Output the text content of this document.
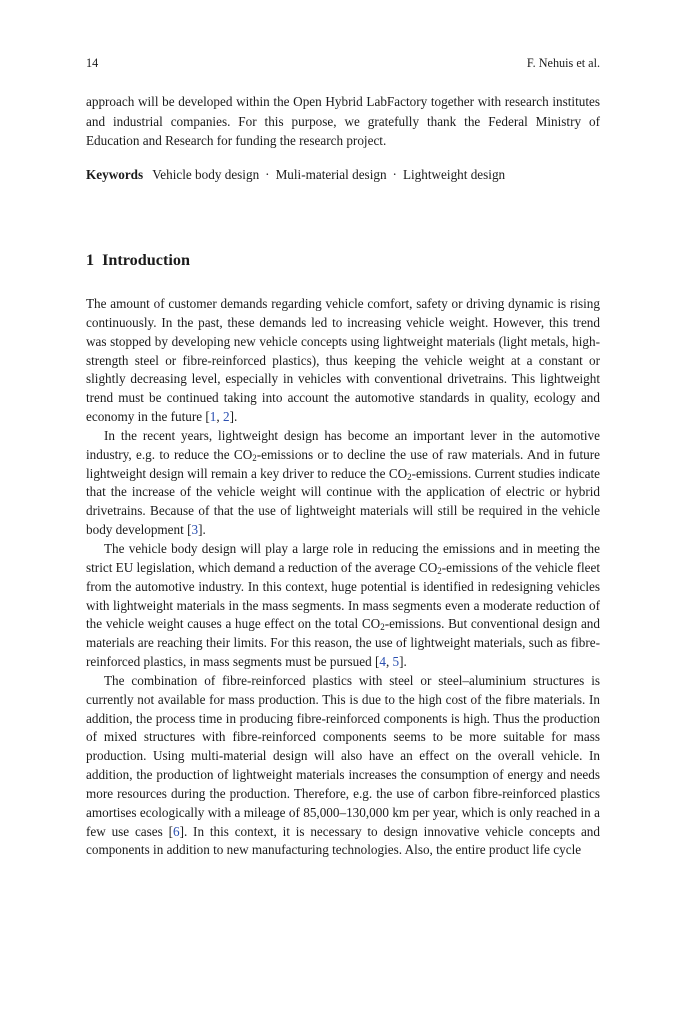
14	F. Nehuis et al.

approach will be developed within the Open Hybrid LabFactory together with research institutes and industrial companies. For this purpose, we gratefully thank the Federal Ministry of Education and Research for funding the research project.

Keywords Vehicle body design · Muli-material design · Lightweight design
1 Introduction

The amount of customer demands regarding vehicle comfort, safety or driving dynamic is rising continuously. In the past, these demands led to increasing vehicle weight. However, this trend was stopped by developing new vehicle concepts using lightweight materials (light metals, high-strength steel or fibre-reinforced plastics), thus keeping the vehicle weight at a constant or slightly decreasing level, especially in vehicles with conventional drivetrains. This lightweight trend must be continued taking into account the automotive standards in quality, ecology and economy in the future [1, 2].

In the recent years, lightweight design has become an important lever in the automotive industry, e.g. to reduce the $CO_2$-emissions or to decline the use of raw materials. And in future lightweight design will remain a key driver to reduce the $CO_2$-emissions. Current studies indicate that the increase of the vehicle weight will continue with the application of electric or hybrid drivetrains. Because of that the use of lightweight materials will still be required in the vehicle body development [3].

The vehicle body design will play a large role in reducing the emissions and in meeting the strict EU legislation, which demand a reduction of the average $CO_2$-emissions of the vehicle fleet from the automotive industry. In this context, huge potential is identified in redesigning vehicles with lightweight materials in the mass segments. In mass segments even a moderate reduction of the vehicle weight causes a huge effect on the total $CO_2$-emissions. But conventional design and materials are reaching their limits. For this reason, the use of lightweight materials, such as fibre-reinforced plastics, in mass segments must be pursued [4, 5].

The combination of fibre-reinforced plastics with steel or steel–aluminium structures is currently not available for mass production. This is due to the high cost of the fibre materials. In addition, the process time in producing fibre-reinforced components is high. Thus the production of mixed structures with fibre-reinforced components seems to be more suitable for mass production. Using multi-material design will also have an effect on the overall vehicle. In addition, the production of lightweight materials increases the consumption of energy and needs more resources during the production. Therefore, e.g. the use of carbon fibre-reinforced plastics amortises ecologically with a mileage of 85,000–130,000 km per year, which is only reached in a few use cases [6]. In this context, it is necessary to design innovative vehicle concepts and components in addition to new manufacturing technologies. Also, the entire product life cycle
